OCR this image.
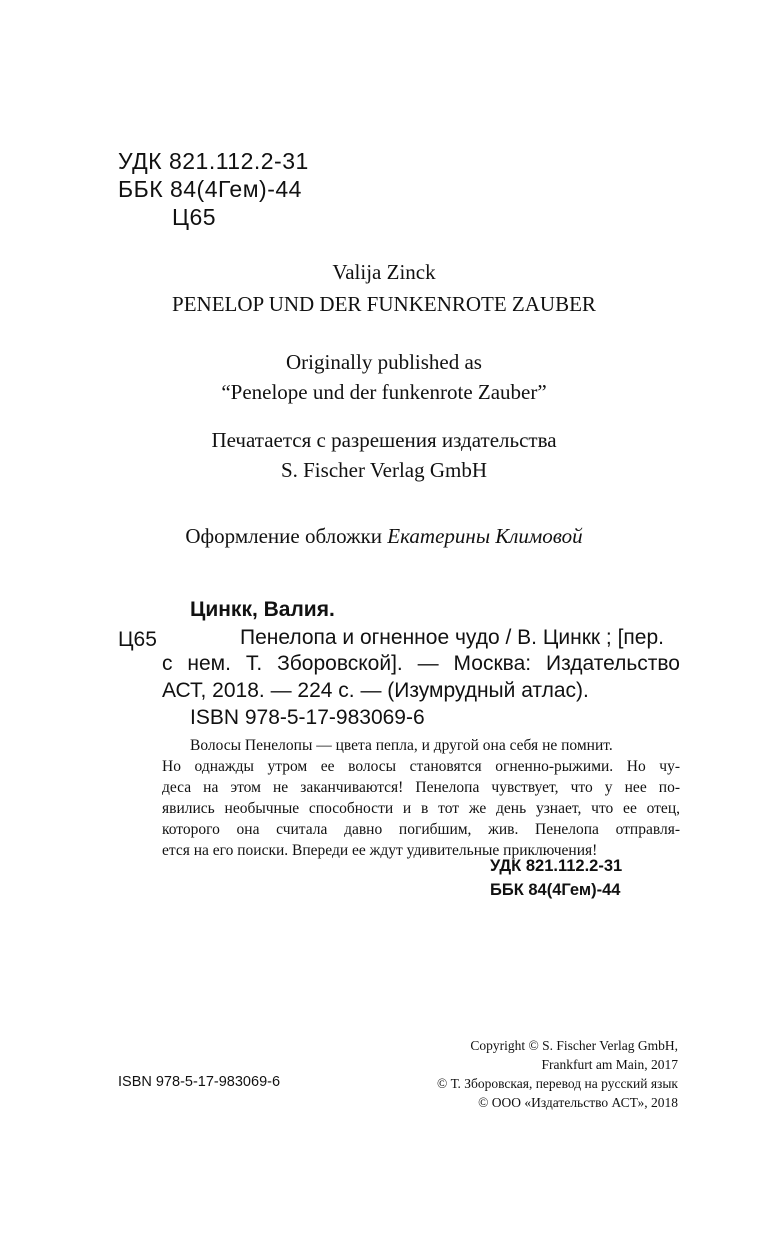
УДК 821.112.2-31
ББК 84(4Гем)-44
Ц65
Valija Zinck
PENELOP UND DER FUNKENROTE ZAUBER
Originally published as
“Penelope und der funkenrote Zauber”
Печатается с разрешения издательства
S. Fischer Verlag GmbH
Оформление обложки Екатерины Климовой
Цинкк, Валия.
Ц65	Пенелопа и огненное чудо / В. Цинкк ; [пер.
с нем. Т. Зборовской]. — Москва: Издательство
АСТ, 2018. — 224 с. — (Изумрудный атлас).
ISBN 978-5-17-983069-6
Волосы Пенелопы — цвета пепла, и другой она себя не помнит.
Но однажды утром ее волосы становятся огненно-рыжими. Но чу-
деса на этом не заканчиваются! Пенелопа чувствует, что у нее по-
явились необычные способности и в тот же день узнает, что ее отец,
которого она считала давно погибшим, жив. Пенелопа отправля-
ется на его поиски. Впереди ее ждут удивительные приключения!
УДК 821.112.2-31
ББК 84(4Гем)-44
ISBN 978-5-17-983069-6
Copyright © S. Fischer Verlag GmbH,
Frankfurt am Main, 2017
© Т. Зборовская, перевод на русский язык
© ООО «Издательство АСТ», 2018
